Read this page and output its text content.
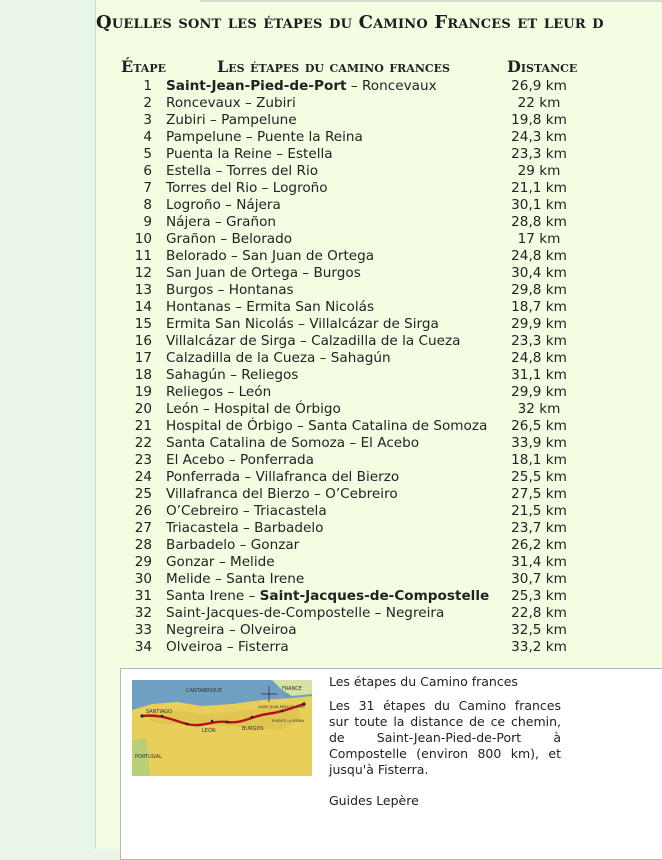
Quelles sont les étapes du Camino Frances et leur d
Étape	Les étapes du camino frances	Distance
1 Saint-Jean-Pied-de-Port – Roncevaux	26,9 km
2 Roncevaux – Zubiri	22 km
3 Zubiri – Pampelune	19,8 km
4 Pampelune – Puente la Reina	24,3 km
5 Puenta la Reine – Estella	23,3 km
6 Estella – Torres del Rio	29 km
7 Torres del Rio – Logroño	21,1 km
8 Logroño – Nájera	30,1 km
9 Nájera – Grañon	28,8 km
10 Grañon – Belorado	17 km
11 Belorado – San Juan de Ortega	24,8 km
12 San Juan de Ortega – Burgos	30,4 km
13 Burgos – Hontanas	29,8 km
14 Hontanas – Ermita San Nicolás	18,7 km
15 Ermita San Nicolás – Villalcázar de Sirga	29,9 km
16 Villalcázar de Sirga – Calzadilla de la Cueza	23,3 km
17 Calzadilla de la Cueza – Sahagún	24,8 km
18 Sahagún – Reliegos	31,1 km
19 Reliegos – León	29,9 km
20 León – Hospital de Órbigo	32 km
21 Hospital de Órbigo – Santa Catalina de Somoza 26,5 km
22 Santa Catalina de Somoza – El Acebo	33,9 km
23 El Acebo – Ponferrada	18,1 km
24 Ponferrada – Villafranca del Bierzo	25,5 km
25 Villafranca del Bierzo – O’Cebreiro	27,5 km
26 O’Cebreiro – Triacastela	21,5 km
27 Triacastela – Barbadelo	23,7 km
28 Barbadelo – Gonzar	26,2 km
29 Gonzar – Melide	31,4 km
30 Melide – Santa Irene	30,7 km
31 Santa Irene – Saint-Jacques-de-Compostelle 25,3 km
32 Saint-Jacques-de-Compostelle – Negreira	22,8 km
33 Negreira – Olveiroa	32,5 km
34 Olveiroa – Fisterra	33,2 km
CANTABRIQUE	FRANCE
SANTIAGO
LEÓN	BURGOS
PORTUGAL
SAINT-JEAN-PIED-DE-PORT
PUENTE LA REINA
Les étapes du Camino frances
Les 31 étapes du Camino frances sur toute la distance de ce chemin, de Saint-Jean-Pied-de-Port à Compostelle (environ 800 km), et jusqu'à Fisterra.
Guides Lepère
